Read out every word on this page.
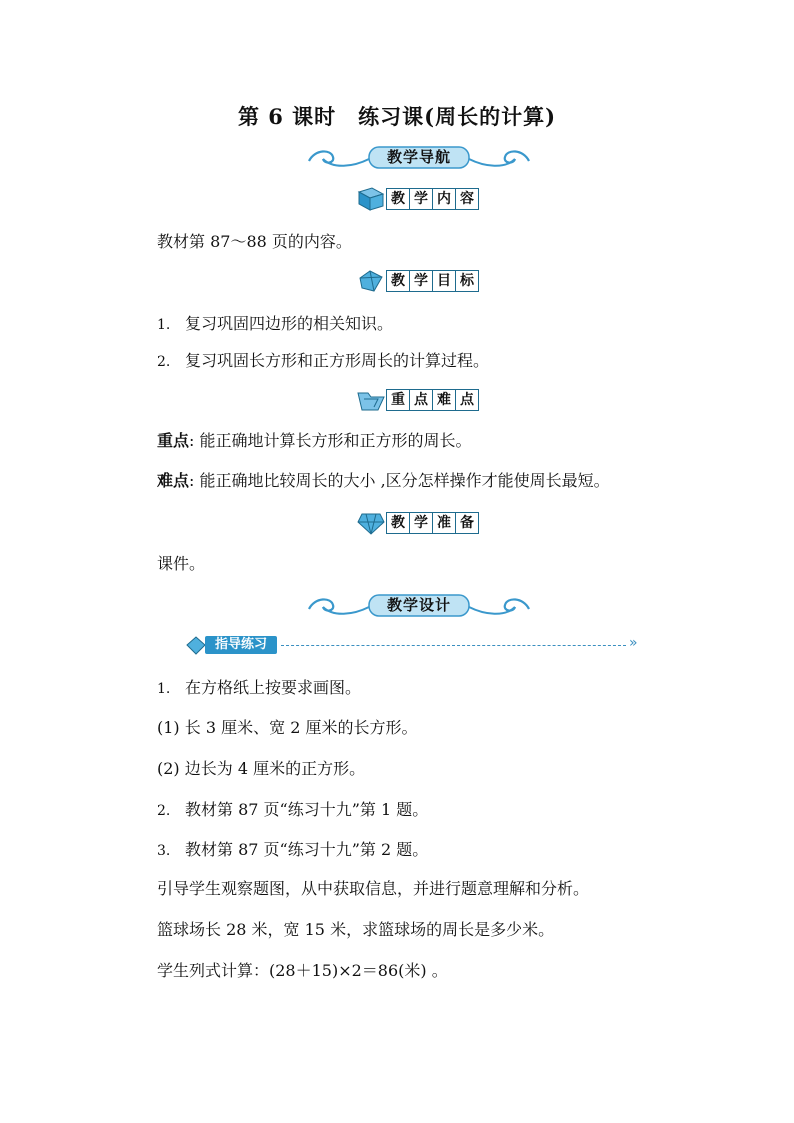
第 6 课时　练习课(周长的计算)
教学导航
教 学 内 容
教材第 87～88 页的内容。
教 学 目 标
1. 复习巩固四边形的相关知识。
2. 复习巩固长方形和正方形周长的计算过程。
重 点 难 点
重点: 能正确地计算长方形和正方形的周长。
难点: 能正确地比较周长的大小 ,区分怎样操作才能使周长最短。
教 学 准 备
课件。
教学设计
指导练习	»
1. 在方格纸上按要求画图。
(1) 长 3 厘米、宽 2 厘米的长方形。
(2) 边长为 4 厘米的正方形。
2. 教材第 87 页“练习十九”第 1 题。
3. 教材第 87 页“练习十九”第 2 题。
引导学生观察题图，从中获取信息，并进行题意理解和分析。
篮球场长 28 米，宽 15 米，求篮球场的周长是多少米。
学生列式计算：(28＋15)×2＝86(米) 。
